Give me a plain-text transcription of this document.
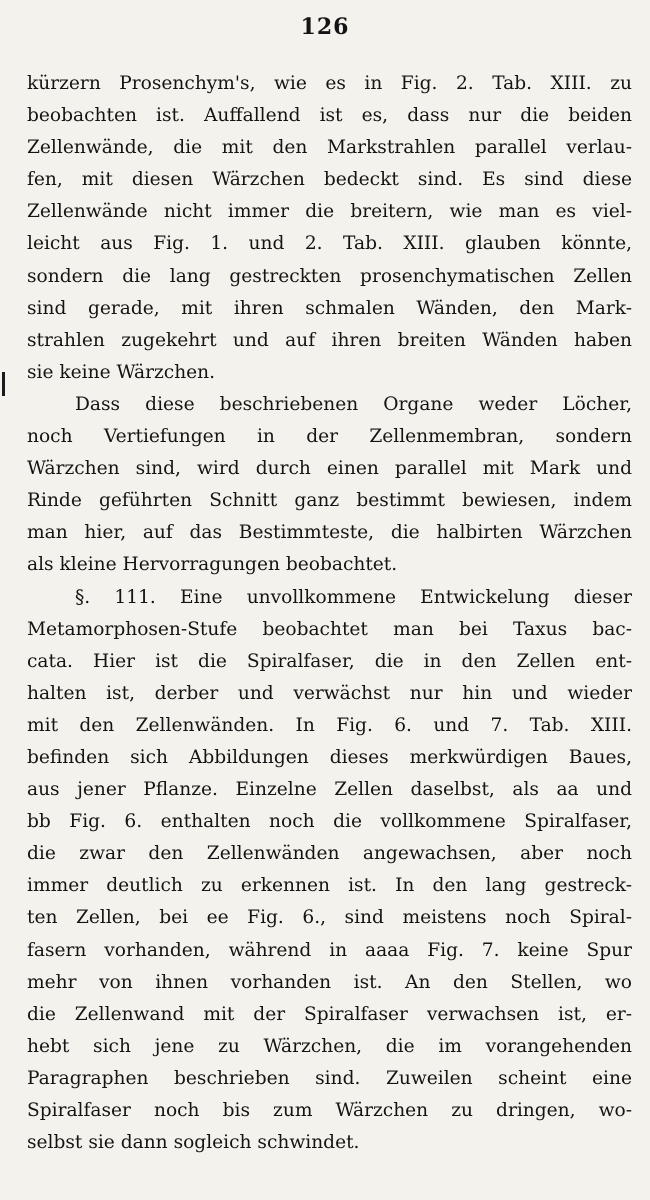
126
kürzern Prosenchym's, wie es in Fig. 2. Tab. XIII. zu
beobachten ist. Auffallend ist es, dass nur die beiden
Zellenwände, die mit den Markstrahlen parallel verlau-
fen, mit diesen Wärzchen bedeckt sind. Es sind diese
Zellenwände nicht immer die breitern, wie man es viel-
leicht aus Fig. 1. und 2. Tab. XIII. glauben könnte,
sondern die lang gestreckten prosenchymatischen Zellen
sind gerade, mit ihren schmalen Wänden, den Mark-
strahlen zugekehrt und auf ihren breiten Wänden haben
sie keine Wärzchen.
Dass diese beschriebenen Organe weder Löcher,
noch Vertiefungen in der Zellenmembran, sondern
Wärzchen sind, wird durch einen parallel mit Mark und
Rinde geführten Schnitt ganz bestimmt bewiesen, indem
man hier, auf das Bestimmteste, die halbirten Wärzchen
als kleine Hervorragungen beobachtet.
§. 111. Eine unvollkommene Entwickelung dieser
Metamorphosen-Stufe beobachtet man bei Taxus bac-
cata. Hier ist die Spiralfaser, die in den Zellen ent-
halten ist, derber und verwächst nur hin und wieder
mit den Zellenwänden. In Fig. 6. und 7. Tab. XIII.
befinden sich Abbildungen dieses merkwürdigen Baues,
aus jener Pflanze. Einzelne Zellen daselbst, als aa und
bb Fig. 6. enthalten noch die vollkommene Spiralfaser,
die zwar den Zellenwänden angewachsen, aber noch
immer deutlich zu erkennen ist. In den lang gestreck-
ten Zellen, bei ee Fig. 6., sind meistens noch Spiral-
fasern vorhanden, während in aaaa Fig. 7. keine Spur
mehr von ihnen vorhanden ist. An den Stellen, wo
die Zellenwand mit der Spiralfaser verwachsen ist, er-
hebt sich jene zu Wärzchen, die im vorangehenden
Paragraphen beschrieben sind. Zuweilen scheint eine
Spiralfaser noch bis zum Wärzchen zu dringen, wo-
selbst sie dann sogleich schwindet.
